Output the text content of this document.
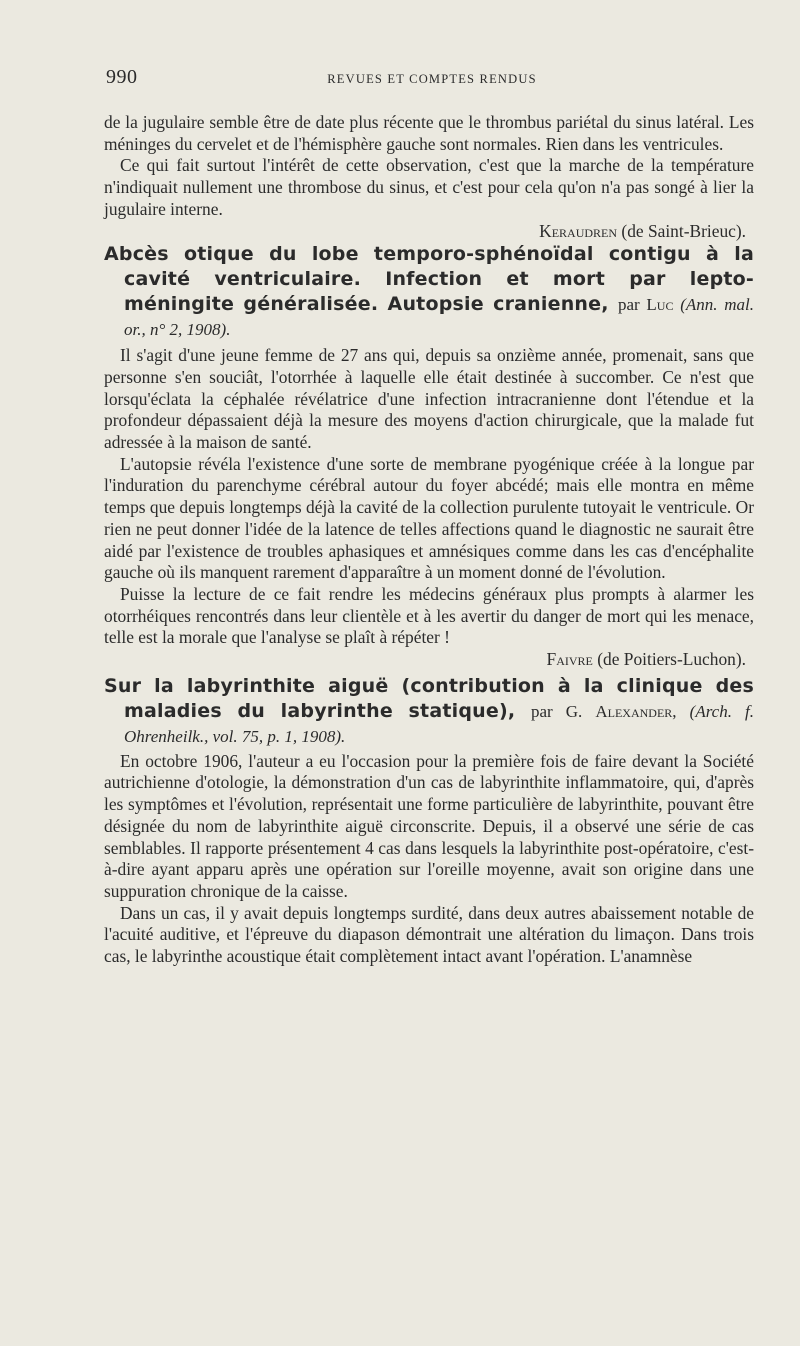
990	REVUES ET COMPTES RENDUS

de la jugulaire semble être de date plus récente que le thrombus pariétal du sinus latéral. Les méninges du cervelet et de l'hémisphère gauche sont normales. Rien dans les ventricules.

Ce qui fait surtout l'intérêt de cette observation, c'est que la marche de la température n'indiquait nullement une thrombose du sinus, et c'est pour cela qu'on n'a pas songé à lier la jugulaire interne.

Keraudren (de Saint-Brieuc).

Abcès otique du lobe temporo-sphénoïdal contigu à la cavité ventriculaire. Infection et mort par lepto-méningite généralisée. Autopsie cranienne, par Luc (Ann. mal. or., n° 2, 1908).

Il s'agit d'une jeune femme de 27 ans qui, depuis sa onzième année, promenait, sans que personne s'en souciât, l'otorrhée à laquelle elle était destinée à succomber. Ce n'est que lorsqu'éclata la céphalée révélatrice d'une infection intracranienne dont l'étendue et la profondeur dépassaient déjà la mesure des moyens d'action chirurgicale, que la malade fut adressée à la maison de santé.

L'autopsie révéla l'existence d'une sorte de membrane pyogénique créée à la longue par l'induration du parenchyme cérébral autour du foyer abcédé; mais elle montra en même temps que depuis longtemps déjà la cavité de la collection purulente tutoyait le ventricule. Or rien ne peut donner l'idée de la latence de telles affections quand le diagnostic ne saurait être aidé par l'existence de troubles aphasiques et amnésiques comme dans les cas d'encéphalite gauche où ils manquent rarement d'apparaître à un moment donné de l'évolution.

Puisse la lecture de ce fait rendre les médecins généraux plus prompts à alarmer les otorrhéiques rencontrés dans leur clientèle et à les avertir du danger de mort qui les menace, telle est la morale que l'analyse se plaît à répéter !

Faivre (de Poitiers-Luchon).

Sur la labyrinthite aiguë (contribution à la clinique des maladies du labyrinthe statique), par G. Alexander, (Arch. f. Ohrenheilk., vol. 75, p. 1, 1908).

En octobre 1906, l'auteur a eu l'occasion pour la première fois de faire devant la Société autrichienne d'otologie, la démonstration d'un cas de labyrinthite inflammatoire, qui, d'après les symptômes et l'évolution, représentait une forme particulière de labyrinthite, pouvant être désignée du nom de labyrinthite aiguë circonscrite. Depuis, il a observé une série de cas semblables. Il rapporte présentement 4 cas dans lesquels la labyrinthite post-opératoire, c'est-à-dire ayant apparu après une opération sur l'oreille moyenne, avait son origine dans une suppuration chronique de la caisse.

Dans un cas, il y avait depuis longtemps surdité, dans deux autres abaissement notable de l'acuité auditive, et l'épreuve du diapason démontrait une altération du limaçon. Dans trois cas, le labyrinthe acoustique était complètement intact avant l'opération. L'anamnèse
